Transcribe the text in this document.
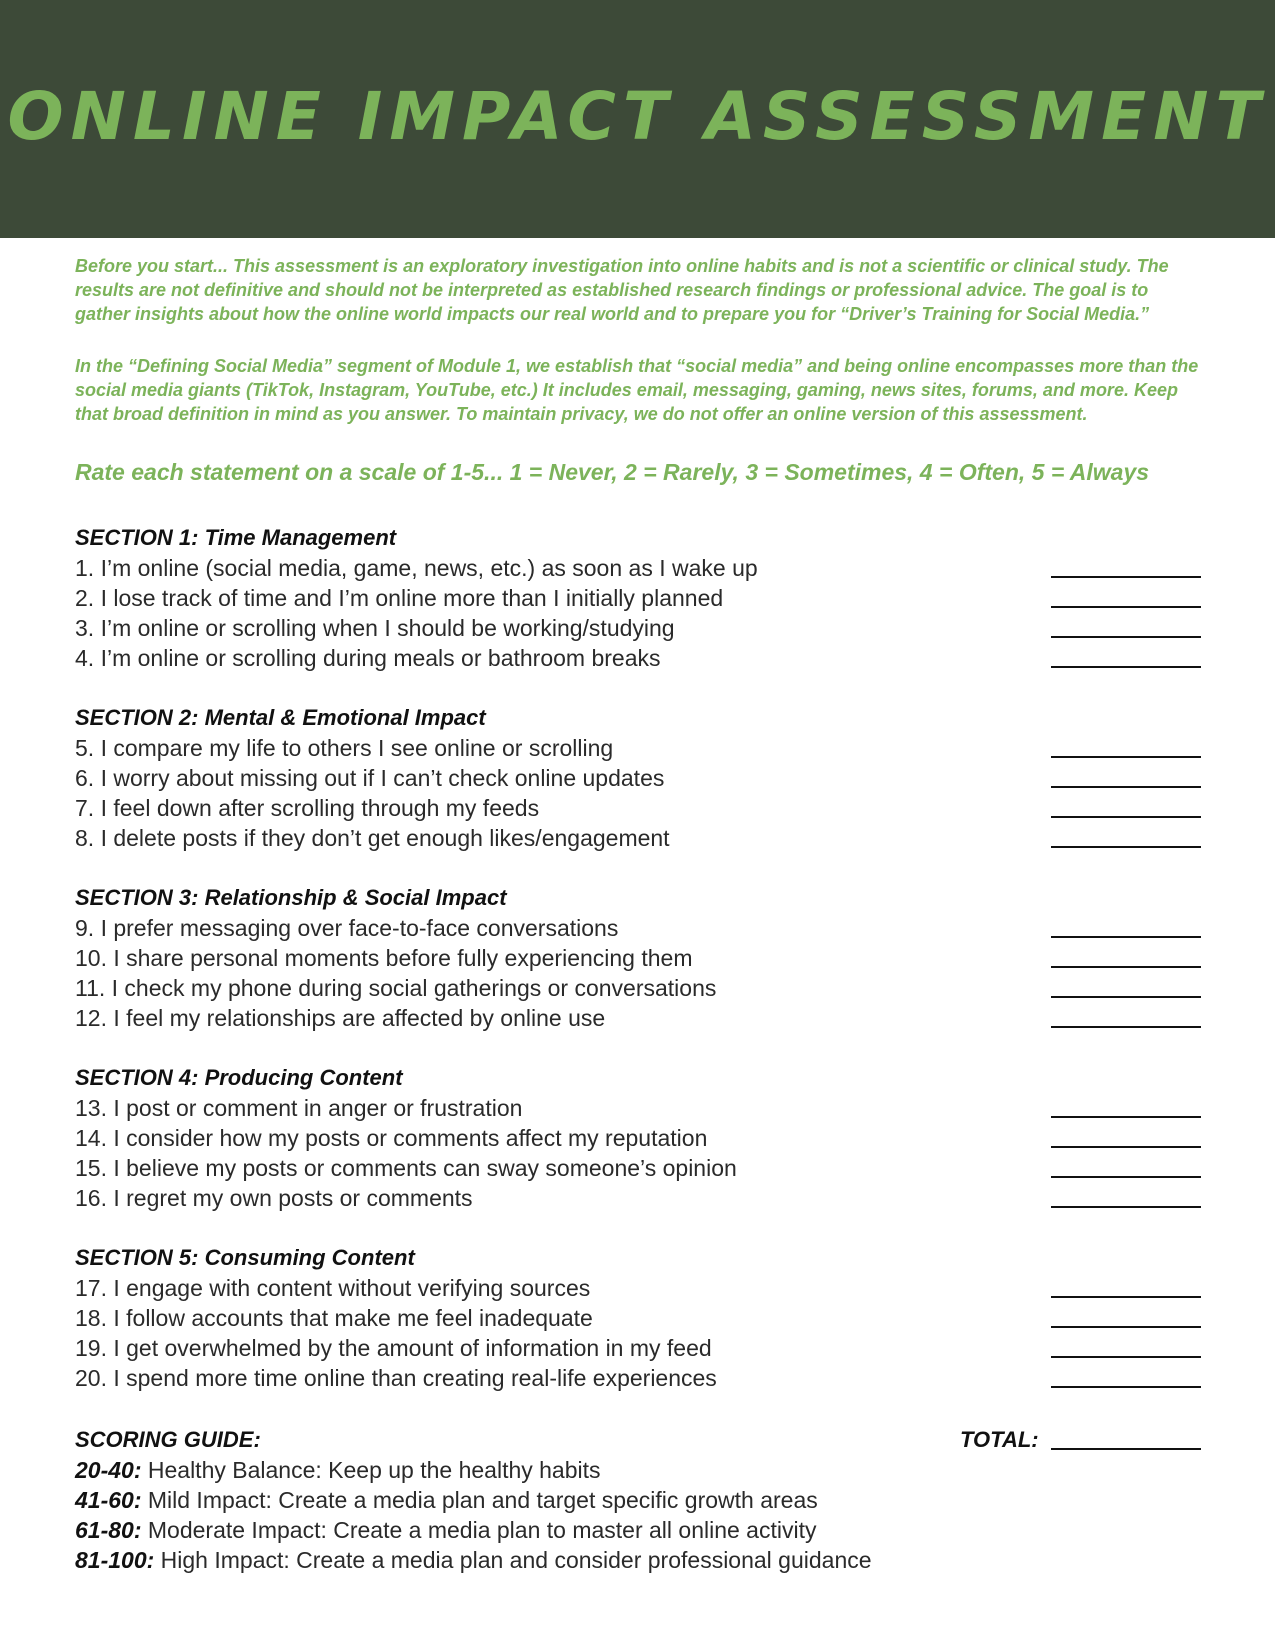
ONLINE IMPACT ASSESSMENT

Before you start... This assessment is an exploratory investigation into online habits and is not a scientific or clinical study. The results are not definitive and should not be interpreted as established research findings or professional advice. The goal is to gather insights about how the online world impacts our real world and to prepare you for “Driver’s Training for Social Media.”

In the “Defining Social Media” segment of Module 1, we establish that “social media” and being online encompasses more than the social media giants (TikTok, Instagram, YouTube, etc.) It includes email, messaging, gaming, news sites, forums, and more. Keep that broad definition in mind as you answer. To maintain privacy, we do not offer an online version of this assessment.

Rate each statement on a scale of 1-5... 1 = Never, 2 = Rarely, 3 = Sometimes, 4 = Often, 5 = Always
SECTION 1: Time Management
1. I’m online (social media, game, news, etc.) as soon as I wake up
2. I lose track of time and I’m online more than I initially planned
3. I’m online or scrolling when I should be working/studying
4. I’m online or scrolling during meals or bathroom breaks
SECTION 2: Mental & Emotional Impact
5. I compare my life to others I see online or scrolling
6. I worry about missing out if I can’t check online updates
7. I feel down after scrolling through my feeds
8. I delete posts if they don’t get enough likes/engagement
SECTION 3: Relationship & Social Impact
9. I prefer messaging over face-to-face conversations
10. I share personal moments before fully experiencing them
11. I check my phone during social gatherings or conversations
12. I feel my relationships are affected by online use
SECTION 4: Producing Content
13. I post or comment in anger or frustration
14. I consider how my posts or comments affect my reputation
15. I believe my posts or comments can sway someone’s opinion
16. I regret my own posts or comments
SECTION 5: Consuming Content
17. I engage with content without verifying sources
18. I follow accounts that make me feel inadequate
19. I get overwhelmed by the amount of information in my feed
20. I spend more time online than creating real-life experiences
SCORING GUIDE:
20-40: Healthy Balance: Keep up the healthy habits
41-60: Mild Impact: Create a media plan and target specific growth areas
61-80: Moderate Impact: Create a media plan to master all online activity
81-100: High Impact: Create a media plan and consider professional guidance
TOTAL:
